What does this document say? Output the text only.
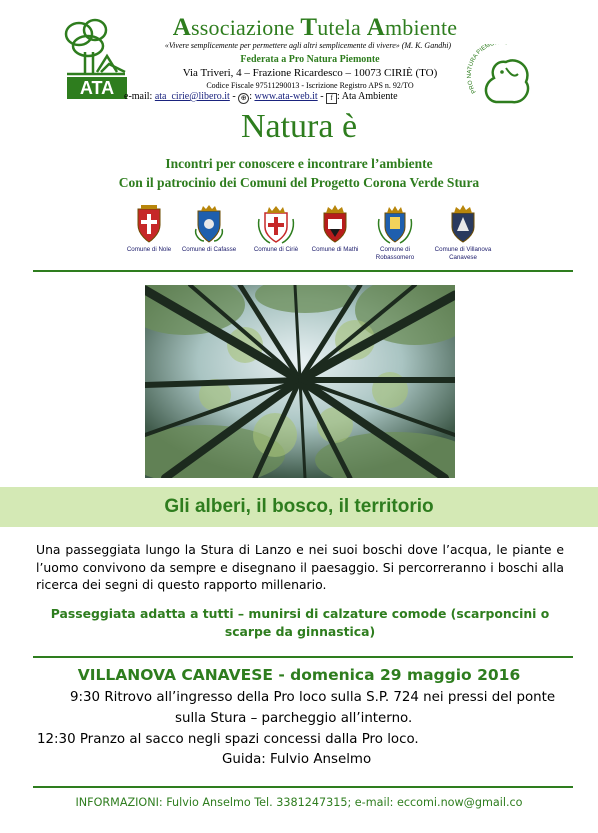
ATA
Associazione Tutela Ambiente
«Vivere semplicemente per permettere agli altri semplicemente di vivere» (M. K. Gandhi)
Federata a Pro Natura Piemonte
Via Triveri, 4 – Frazione Ricardesco – 10073 CIRIÈ (TO)
Codice Fiscale 97511290013 - Iscrizione Registro APS n. 92/TO
e-mail: ata_cirie@libero.it - ⊕ : www.ata-web.it - f : Ata Ambiente
PRO NATURA PIEMO
Natura è
Incontri per conoscere e incontrare l’ambiente
Con il patrocinio dei Comuni del Progetto Corona Verde Stura
Comune di Nole	Comune di Cafasse	Comune di Ciriè	Comune di Mathi	Comune di Robassomero
Comune di Villanova Canavese
Gli alberi, il bosco, il territorio
Una passeggiata lungo la Stura di Lanzo e nei suoi boschi dove l’acqua, le piante e l’uomo convivono da sempre e disegnano il paesaggio. Si percorreranno i boschi alla ricerca dei segni di questo rapporto millenario.
Passeggiata adatta a tutti – munirsi di calzature comode (scarponcini o scarpe da ginnastica)
VILLANOVA CANAVESE - domenica 29 maggio 2016
9:30 Ritrovo all’ingresso della Pro loco sulla S.P. 724 nei pressi del ponte
sulla Stura – parcheggio all’interno.
12:30 Pranzo al sacco negli spazi concessi dalla Pro loco.
Guida: Fulvio Anselmo
INFORMAZIONI: Fulvio Anselmo Tel. 3381247315; e-mail: eccomi.now@gmail.co
